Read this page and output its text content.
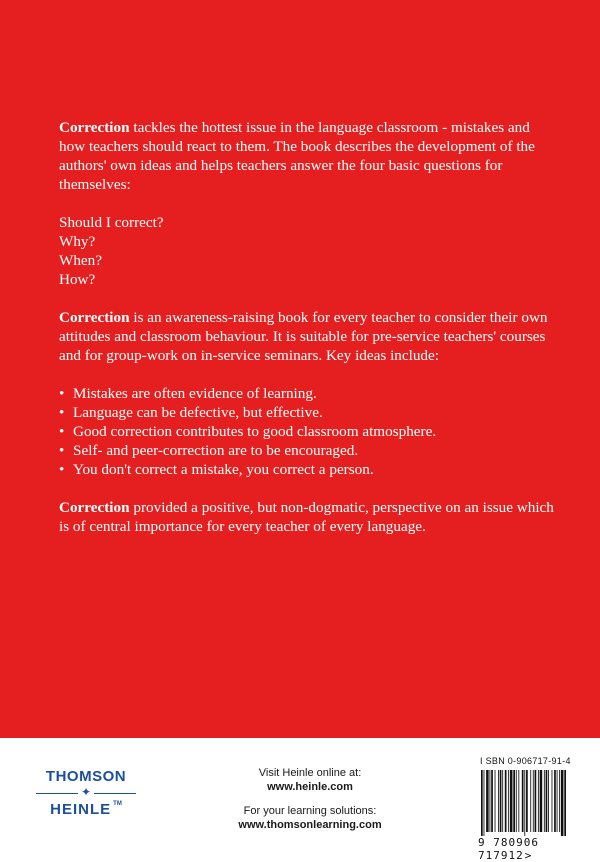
Correction tackles the hottest issue in the language classroom - mistakes and how teachers should react to them. The book describes the development of the authors' own ideas and helps teachers answer the four basic questions for themselves:

Should I correct?
Why?
When?
How?

Correction is an awareness-raising book for every teacher to consider their own attitudes and classroom behaviour. It is suitable for pre-service teachers' courses and for group-work on in-service seminars. Key ideas include:

• Mistakes are often evidence of learning.
• Language can be defective, but effective.
• Good correction contributes to good classroom atmosphere.
• Self- and peer-correction are to be encouraged.
• You don't correct a mistake, you correct a person.

Correction provided a positive, but non-dogmatic, perspective on an issue which is of central importance for every teacher of every language.

THOMSON
✦
HEINLE ™
Visit Heinle online at:
www.heinle.com
For your learning solutions:
www.thomsonlearning.com
I SBN 0-906717-91-4
9 780906 717912>
